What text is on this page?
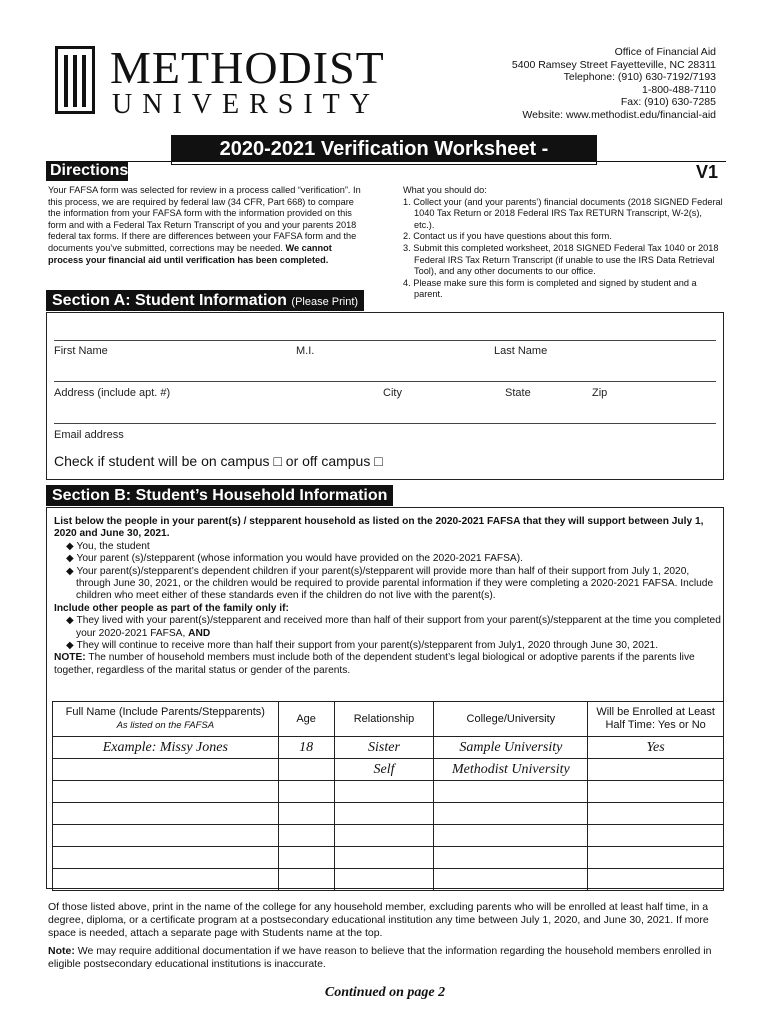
METHODIST
UNIVERSITY
Office of Financial Aid
5400 Ramsey Street Fayetteville, NC 28311
Telephone: (910) 630-7192/7193
1-800-488-7110
Fax: (910) 630-7285
Website: www.methodist.edu/financial-aid
2020-2021 Verification Worksheet - Dependent
Directions:	V1
Your FAFSA form was selected for review in a process called “verification”. In this process, we are required by federal law (34 CFR, Part 668) to compare the information from your FAFSA form with the information provided on this form and with a Federal Tax Return Transcript of you and your parents 2018 federal tax forms. If there are differences between your FAFSA form and the documents you’ve submitted, corrections may be needed. We cannot process your financial aid until verification has been completed.
What you should do:
1. Collect your (and your parents’) financial documents (2018 SIGNED Federal 1040 Tax Return or 2018 Federal IRS Tax RETURN Transcript, W-2(s), etc.).
2. Contact us if you have questions about this form.
3. Submit this completed worksheet, 2018 SIGNED Federal Tax 1040 or 2018 Federal IRS Tax Return Transcript (if unable to use the IRS Data Retrieval Tool), and any other documents to our office.
4. Please make sure this form is completed and signed by student and a parent.
Section A: Student Information (Please Print)
First Name	M.I.	Last Name
Address (include apt. #)	City	State	Zip
Email address
Check if student will be on campus □ or off campus □
Section B: Student’s Household Information
List below the people in your parent(s) / stepparent household as listed on the 2020-2021 FAFSA that they will support between July 1, 2020 and June 30, 2021.
◆ You, the student
◆ Your parent (s)/stepparent (whose information you would have provided on the 2020-2021 FAFSA).
◆ Your parent(s)/stepparent’s dependent children if your parent(s)/stepparent will provide more than half of their support from July 1, 2020, through June 30, 2021, or the children would be required to provide parental information if they were completing a 2020-2021 FAFSA. Include children who meet either of these standards even if the children do not live with the parent(s).
Include other people as part of the family only if:
◆ They lived with your parent(s)/stepparent and received more than half of their support from your parent(s)/stepparent at the time you completed your 2020-2021 FAFSA, AND
◆ They will continue to receive more than half their support from your parent(s)/stepparent from July1, 2020 through June 30, 2021.
NOTE: The number of household members must include both of the dependent student’s legal biological or adoptive parents if the parents live together, regardless of the marital status or gender of the parents.
Full Name (Include Parents/Stepparents)
As listed on the FAFSA	Age	Relationship	College/University	Will be Enrolled at Least Half Time: Yes or No
Example: Missy Jones	18	Sister	Sample University	Yes
		Self	Methodist University	

Of those listed above, print in the name of the college for any household member, excluding parents who will be enrolled at least half time, in a degree, diploma, or a certificate program at a postsecondary educational institution any time between July 1, 2020, and June 30, 2021. If more space is needed, attach a separate page with Students name at the top.
Note: We may require additional documentation if we have reason to believe that the information regarding the household members enrolled in eligible postsecondary educational institutions is inaccurate.
Continued on page 2
